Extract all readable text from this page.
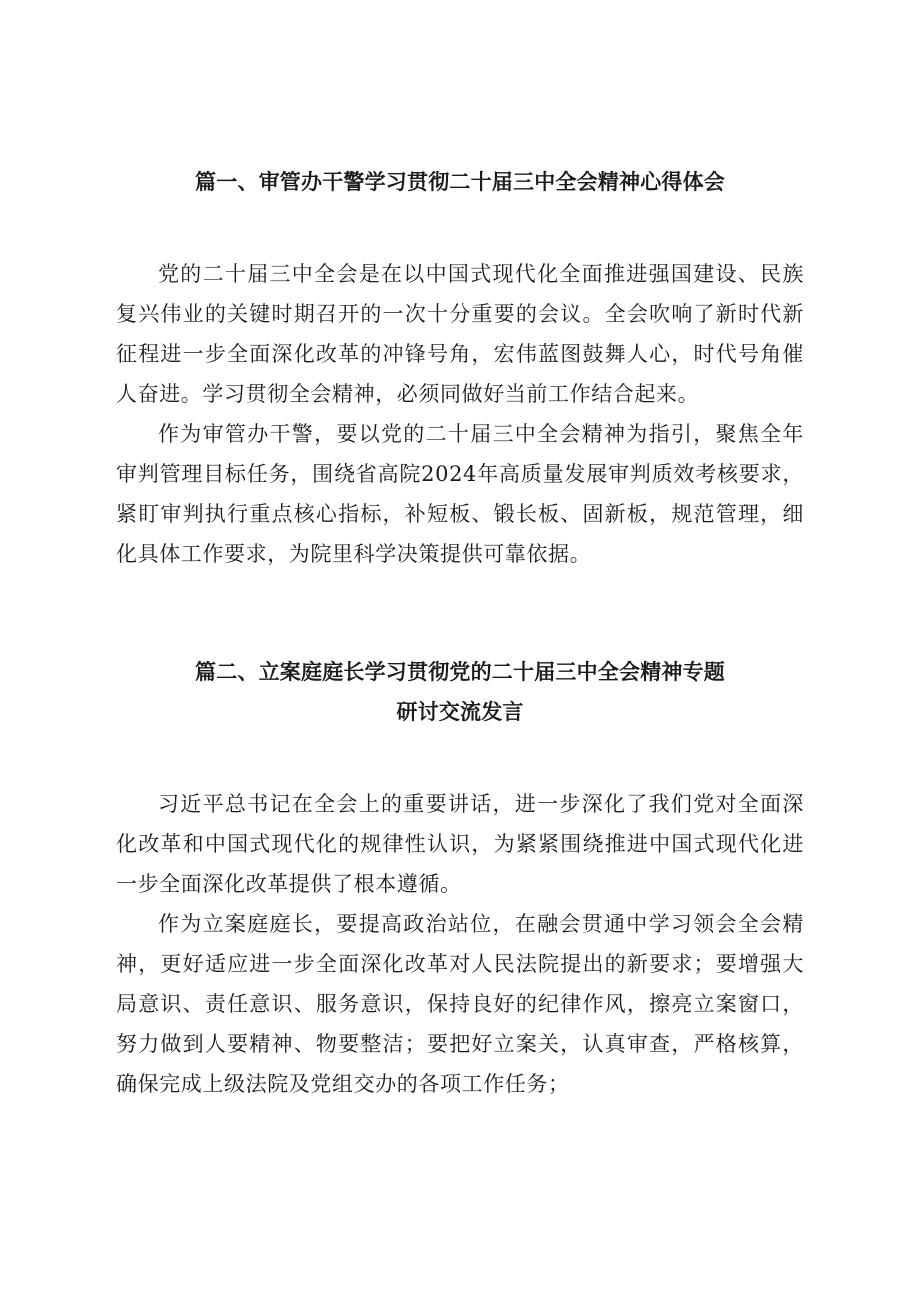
篇一、审管办干警学习贯彻二十届三中全会精神心得体会

党的二十届三中全会是在以中国式现代化全面推进强国建设、民族复兴伟业的关键时期召开的一次十分重要的会议。全会吹响了新时代新征程进一步全面深化改革的冲锋号角，宏伟蓝图鼓舞人心，时代号角催人奋进。学习贯彻全会精神，必须同做好当前工作结合起来。

作为审管办干警，要以党的二十届三中全会精神为指引，聚焦全年审判管理目标任务，围绕省高院2024年高质量发展审判质效考核要求，紧盯审判执行重点核心指标，补短板、锻长板、固新板，规范管理，细化具体工作要求，为院里科学决策提供可靠依据。

篇二、立案庭庭长学习贯彻党的二十届三中全会精神专题
研讨交流发言

习近平总书记在全会上的重要讲话，进一步深化了我们党对全面深化改革和中国式现代化的规律性认识，为紧紧围绕推进中国式现代化进一步全面深化改革提供了根本遵循。

作为立案庭庭长，要提高政治站位，在融会贯通中学习领会全会精神，更好适应进一步全面深化改革对人民法院提出的新要求；要增强大局意识、责任意识、服务意识，保持良好的纪律作风，擦亮立案窗口，努力做到人要精神、物要整洁；要把好立案关，认真审查，严格核算，确保完成上级法院及党组交办的各项工作任务；
